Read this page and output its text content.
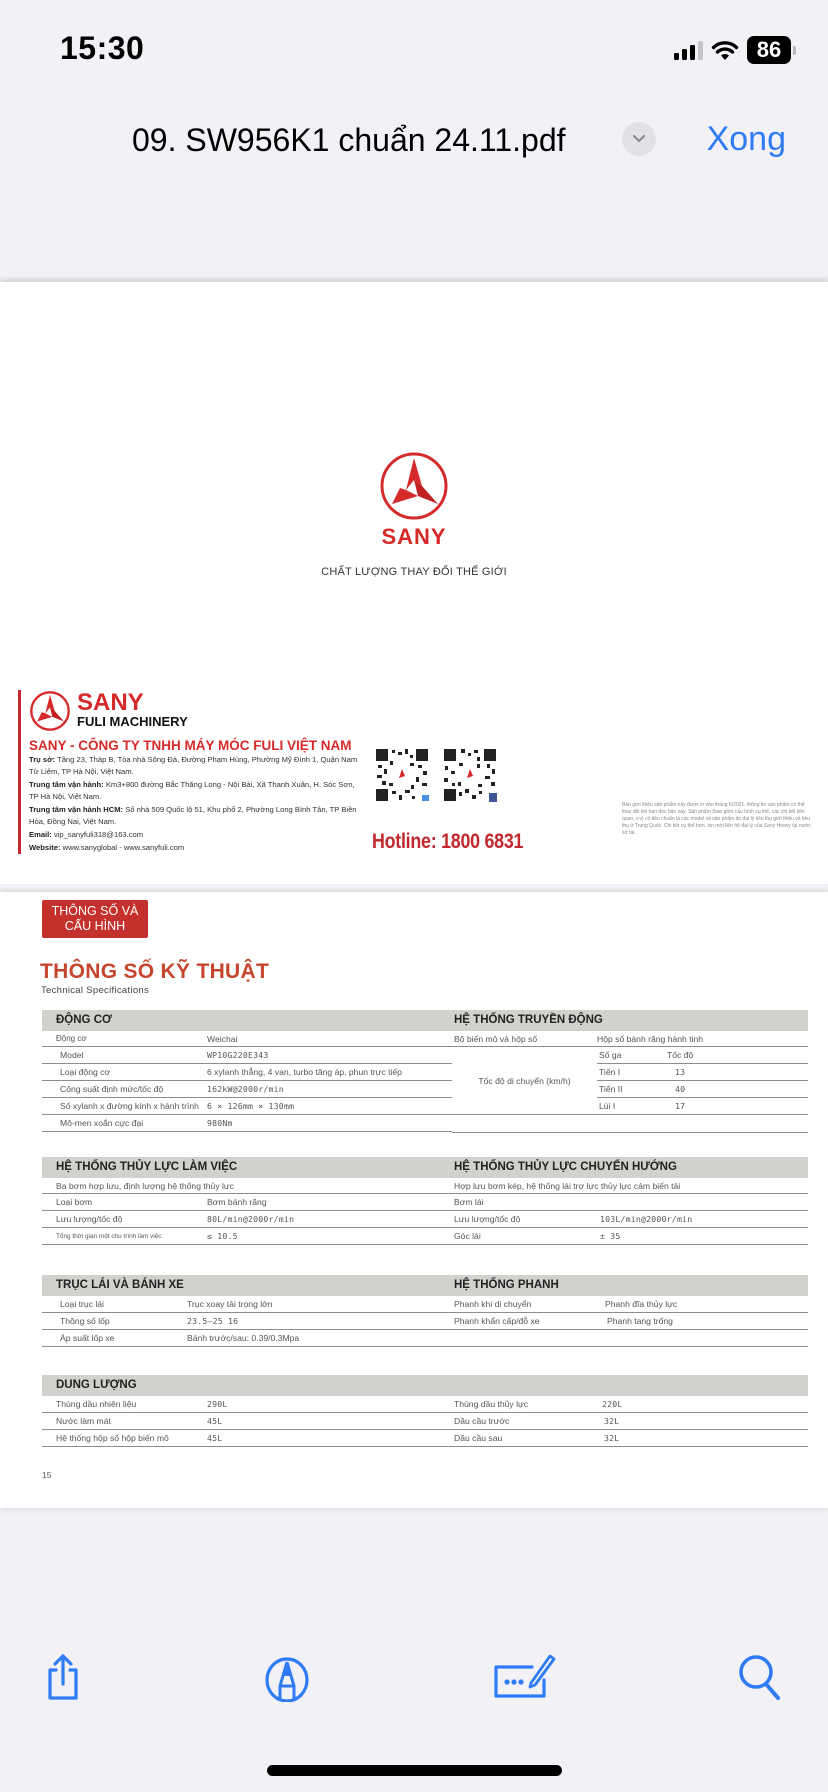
15:30	86
09. SW956K1 chuẩn 24.11.pdf	Xong
SANY
CHẤT LƯỢNG THAY ĐỔI THẾ GIỚI
SANY
FULI MACHINERY
SANY - CÔNG TY TNHH MÁY MÓC FULI VIỆT NAM
Trụ sở: Tầng 23, Tháp B, Tòa nhà Sông Đà, Đường Phạm Hùng, Phường Mỹ Đình 1, Quận Nam Từ Liêm, TP Hà Nội, Việt Nam.
Trung tâm vận hành: Km3+800 đường Bắc Thăng Long - Nội Bài, Xã Thanh Xuân, H. Sóc Sơn, TP Hà Nội, Việt Nam.
Trung tâm vận hành HCM: Số nhà 509 Quốc lộ 51, Khu phố 2, Phường Long Bình Tân, TP Biên Hòa, Đồng Nai, Việt Nam.
Email: vip_sanyfuli318@163.com
Website: www.sanyglobal - www.sanyfuli.com	Hotline: 1800 6831
Bản giới thiệu sản phẩm này được in vào tháng 6/2021, thông tin sản phẩm có thể thay đổi khi bạn đọc bản này. Sản phẩm (bao gồm cấu hình cụ thể, các chi tiết liên quan, v.v) có tiêu chuẩn là các model và sản phẩm do đại lý tiêu thụ giới thiệu và tiêu thụ ở Trung Quốc. Chi tiết cụ thể hơn, xin mời liên hệ đại lý của Sany Heavy tại nước sở tại.
THÔNG SỐ VÀ CẤU HÌNH
THÔNG SỐ KỸ THUẬT
Technical Specifications
ĐỘNG CƠ
Động cơ	Weichai
Model	WP10G220E343
Loại động cơ	6 xylanh thẳng, 4 van, turbo tăng áp, phun trực tiếp
Công suất định mức/tốc độ	162kW@2000r/min
Số xylanh x đường kính x hành trình 6 × 126mm × 130mm
Mô-men xoắn cực đại	980Nm
HỆ THỐNG TRUYỀN ĐỘNG
Bộ biến mô và hộp số	Hộp số bánh răng hành tinh
Tốc độ di chuyển (km/h)
Số ga	Tốc độ
Tiến I	13
Tiến II	40
Lùi I	17
HỆ THỐNG THỦY LỰC LÀM VIỆC
Ba bơm hợp lưu, định lượng hệ thống thủy lực
Loại bơm	Bơm bánh răng
Lưu lượng/tốc độ	80L/min@2000r/min
Tổng thời gian một chu trình làm việc	≤ 10.5
HỆ THỐNG THỦY LỰC CHUYỂN HƯỚNG
Hợp lưu bơm kép, hệ thống lái trợ lực thủy lực cảm biến tải
Bơm lái
Lưu lượng/tốc độ	103L/min@2000r/min
Góc lái	± 35
TRỤC LÁI VÀ BÁNH XE
Loại trục lái	Trục xoay tải trọng lớn
Thông số lốp	23.5–25 16
Áp suất lốp xe	Bánh trước/sau: 0.39/0.3Mpa
HỆ THỐNG PHANH
Phanh khi di chuyển	Phanh đĩa thủy lực
Phanh khẩn cấp/đỗ xe	Phanh tang trống
DUNG LƯỢNG
Thùng dầu nhiên liệu	290L
Nước làm mát	45L
Hệ thống hộp số hộp biến mô	45L
Thùng dầu thủy lực	220L
Dầu cầu trước	32L
Dầu cầu sau	32L
15
